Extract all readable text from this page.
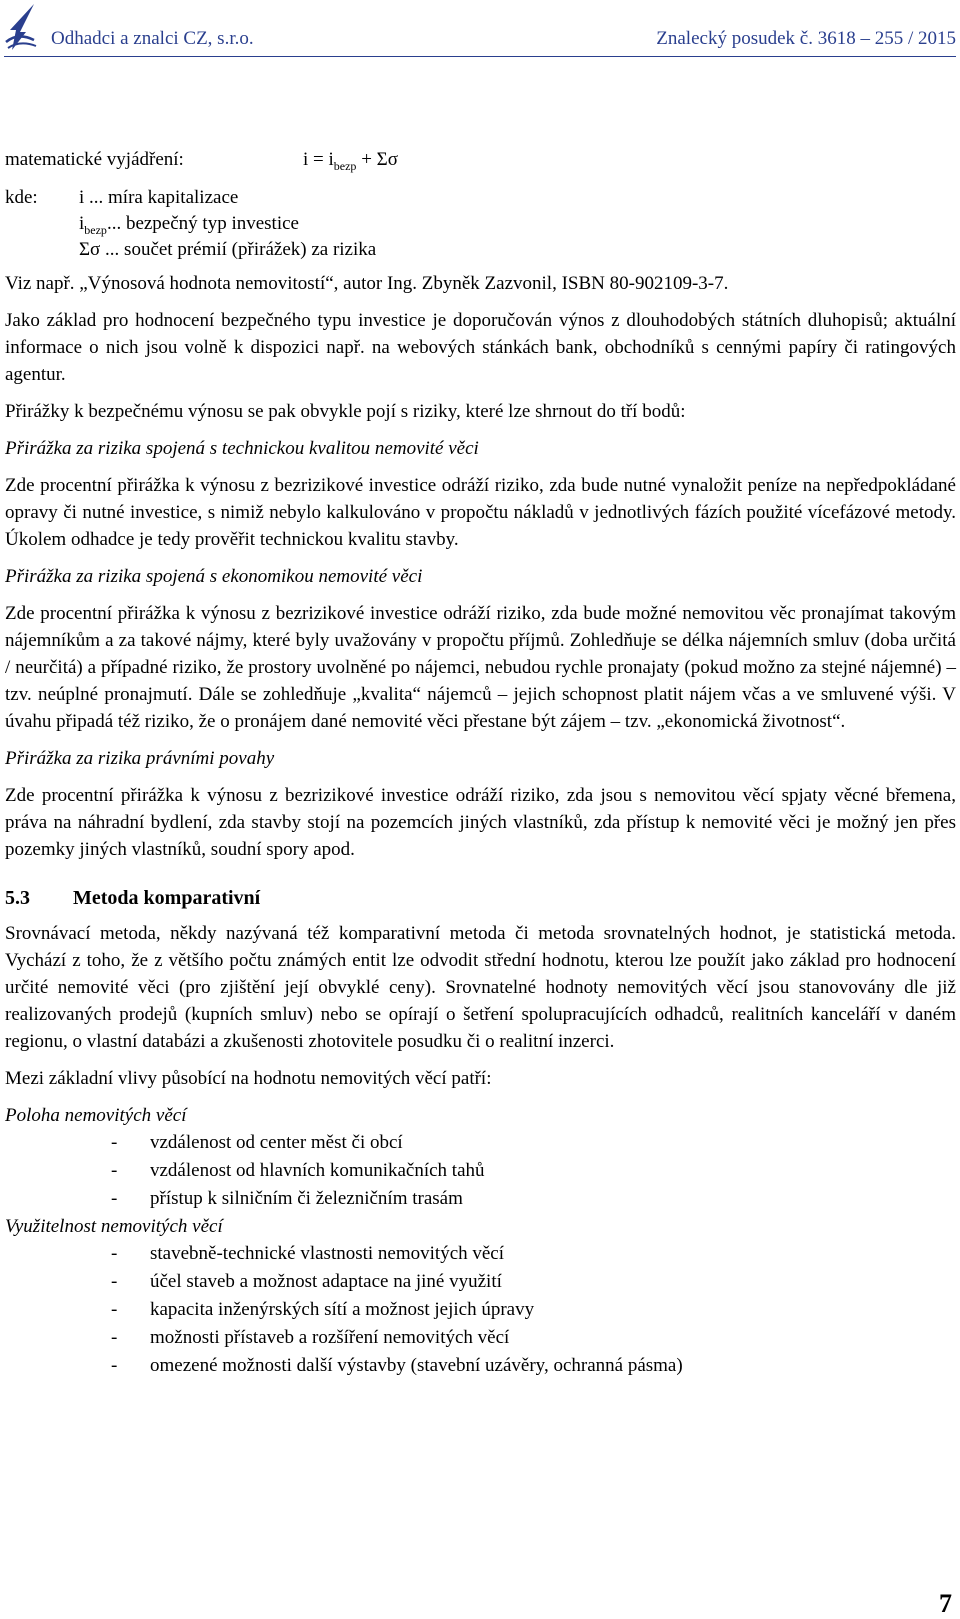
Odhadci a znalci CZ, s.r.o.	Znalecký posudek č. 3618 – 255 / 2015
matematické vyjádření:	$i = i_{bezp} + \Sigma\sigma$
kde: i ... míra kapitalizace
$i_{bezp}$... bezpečný typ investice
Σσ ... součet prémií (přirážek) za rizika

Viz např. „Výnosová hodnota nemovitostí“, autor Ing. Zbyněk Zazvonil, ISBN 80-902109-3-7.

Jako základ pro hodnocení bezpečného typu investice je doporučován výnos z dlouhodobých státních dluhopisů; aktuální informace o nich jsou volně k dispozici např. na webových stánkách bank, obchodníků s cennými papíry či ratingových agentur.

Přirážky k bezpečnému výnosu se pak obvykle pojí s riziky, které lze shrnout do tří bodů:

Přirážka za rizika spojená s technickou kvalitou nemovité věci

Zde procentní přirážka k výnosu z bezrizikové investice odráží riziko, zda bude nutné vynaložit peníze na nepředpokládané opravy či nutné investice, s nimiž nebylo kalkulováno v propočtu nákladů v jednotlivých fázích použité vícefázové metody. Úkolem odhadce je tedy prověřit technickou kvalitu stavby.

Přirážka za rizika spojená s ekonomikou nemovité věci

Zde procentní přirážka k výnosu z bezrizikové investice odráží riziko, zda bude možné nemovitou věc pronajímat takovým nájemníkům a za takové nájmy, které byly uvažovány v propočtu příjmů. Zohledňuje se délka nájemních smluv (doba určitá / neurčitá) a případné riziko, že prostory uvolněné po nájemci, nebudou rychle pronajaty (pokud možno za stejné nájemné) – tzv. neúplné pronajmutí. Dále se zohledňuje „kvalita“ nájemců – jejich schopnost platit nájem včas a ve smluvené výši. V úvahu připadá též riziko, že o pronájem dané nemovité věci přestane být zájem – tzv. „ekonomická životnost“.

Přirážka za rizika právními povahy

Zde procentní přirážka k výnosu z bezrizikové investice odráží riziko, zda jsou s nemovitou věcí spjaty věcné břemena, práva na náhradní bydlení, zda stavby stojí na pozemcích jiných vlastníků, zda přístup k nemovité věci je možný jen přes pozemky jiných vlastníků, soudní spory apod.

5.3 Metoda komparativní

Srovnávací metoda, někdy nazývaná též komparativní metoda či metoda srovnatelných hodnot, je statistická metoda. Vychází z toho, že z většího počtu známých entit lze odvodit střední hodnotu, kterou lze použít jako základ pro hodnocení určité nemovité věci (pro zjištění její obvyklé ceny). Srovnatelné hodnoty nemovitých věcí jsou stanovovány dle již realizovaných prodejů (kupních smluv) nebo se opírají o šetření spolupracujících odhadců, realitních kanceláří v daném regionu, o vlastní databázi a zkušenosti zhotovitele posudku či o realitní inzerci.

Mezi základní vlivy působící na hodnotu nemovitých věcí patří:

Poloha nemovitých věcí

- vzdálenost od center měst či obcí
- vzdálenost od hlavních komunikačních tahů
- přístup k silničním či železničním trasám

Využitelnost nemovitých věcí

- stavebně-technické vlastnosti nemovitých věcí
- účel staveb a možnost adaptace na jiné využití
- kapacita inženýrských sítí a možnost jejich úpravy
- možnosti přístaveb a rozšíření nemovitých věcí
- omezené možnosti další výstavby (stavební uzávěry, ochranná pásma)
7
